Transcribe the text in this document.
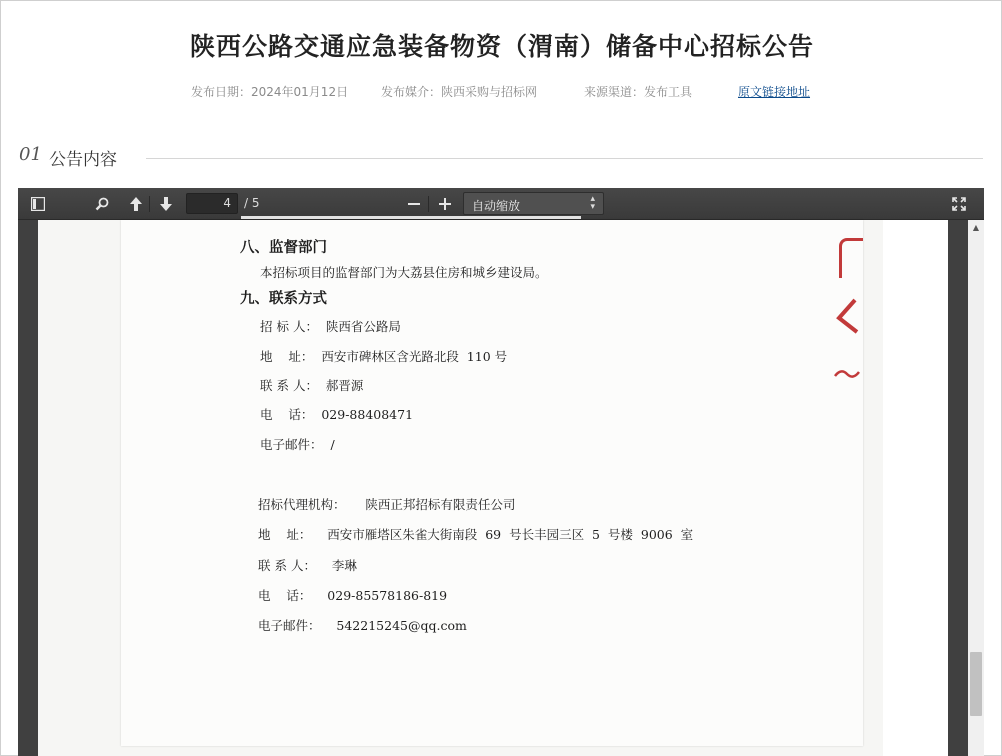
陕西公路交通应急装备物资（渭南）储备中心招标公告
发布日期：2024年01月12日	发布媒介：陕西采购与招标网	来源渠道：发布工具	原文链接地址
01 公告内容
4	/ 5	自动缩放	▴
▾
八、监督部门
本招标项目的监督部门为大荔县住房和城乡建设局。
九、联系方式
招 标 人：  陕西省公路局
地    址：  西安市碑林区含光路北段  110 号
联 系 人：  郝晋源
电    话：  029-88408471
电子邮件：  /
招标代理机构：     陕西正邦招标有限责任公司
地    址：    西安市雁塔区朱雀大街南段  69  号长丰园三区  5  号楼  9006  室
联 系 人：    李琳
电    话：    029-85578186-819
电子邮件：    542215245@qq.com
▲
